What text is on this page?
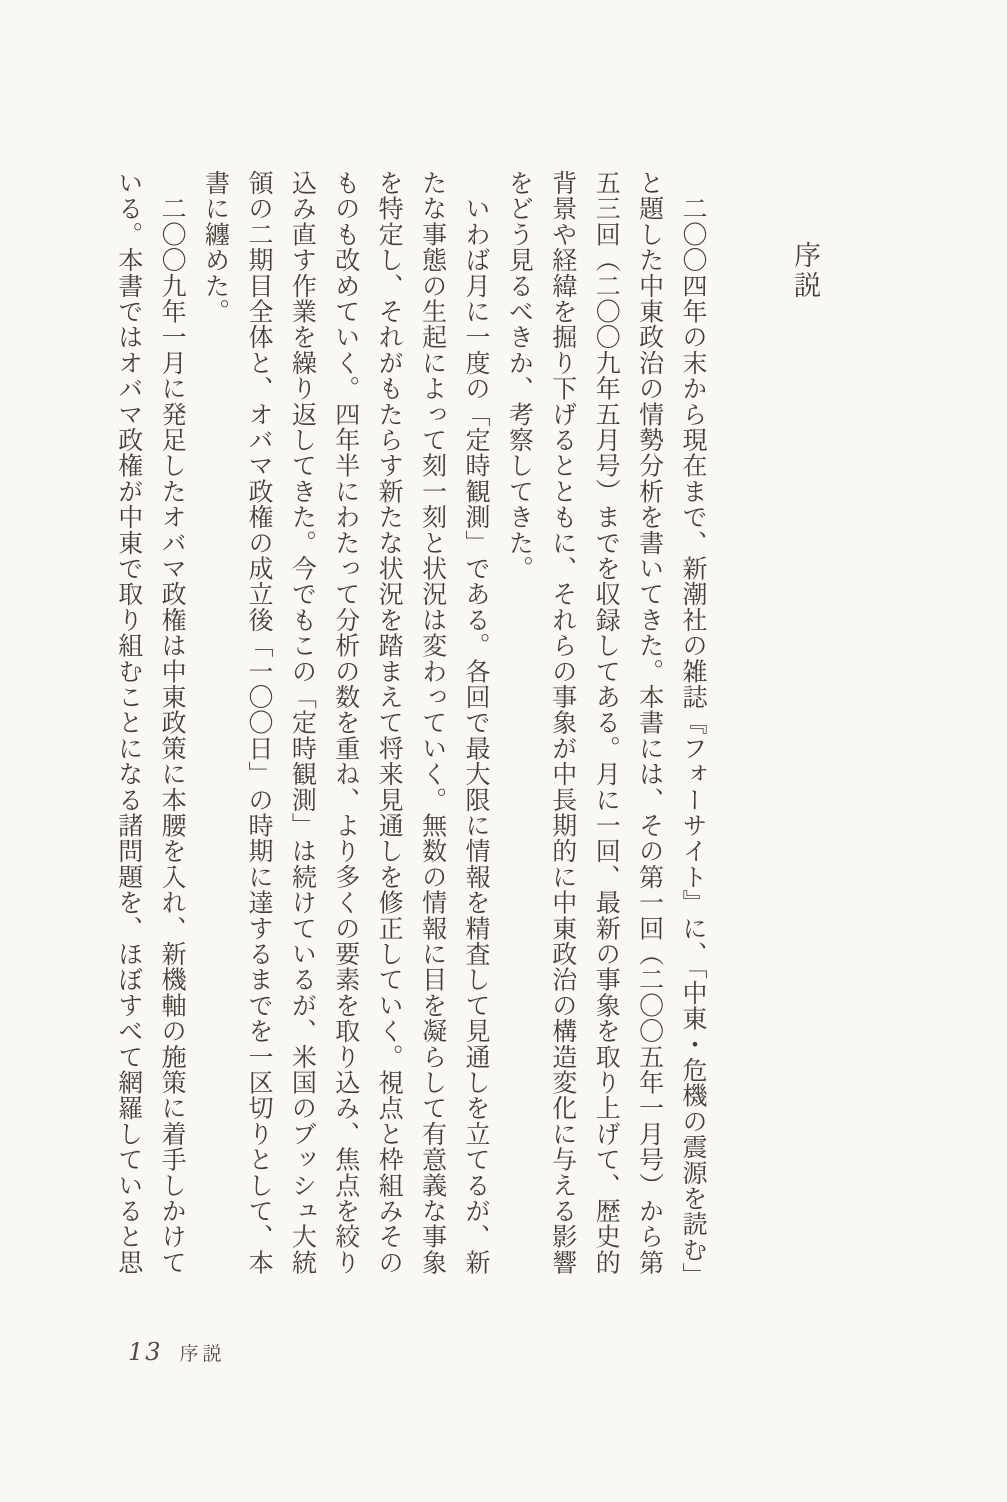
序説
　二〇〇四年の末から現在まで、新潮社の雑誌『フォーサイト』に、「中東・危機の震源を読む」
と題した中東政治の情勢分析を書いてきた。本書には、その第一回（二〇〇五年一月号）から第
五三回（二〇〇九年五月号）までを収録してある。月に一回、最新の事象を取り上げて、歴史的
背景や経緯を掘り下げるとともに、それらの事象が中長期的に中東政治の構造変化に与える影響
をどう見るべきか、考察してきた。
　いわば月に一度の「定時観測」である。各回で最大限に情報を精査して見通しを立てるが、新
たな事態の生起によって刻一刻と状況は変わっていく。無数の情報に目を凝らして有意義な事象
を特定し、それがもたらす新たな状況を踏まえて将来見通しを修正していく。視点と枠組みその
ものも改めていく。四年半にわたって分析の数を重ね、より多くの要素を取り込み、焦点を絞り
込み直す作業を繰り返してきた。今でもこの「定時観測」は続けているが、米国のブッシュ大統
領の二期目全体と、オバマ政権の成立後「一〇〇日」の時期に達するまでを一区切りとして、本
書に纏めた。
　二〇〇九年一月に発足したオバマ政権は中東政策に本腰を入れ、新機軸の施策に着手しかけて
いる。本書ではオバマ政権が中東で取り組むことになる諸問題を、ほぼすべて網羅していると思
13 序説
